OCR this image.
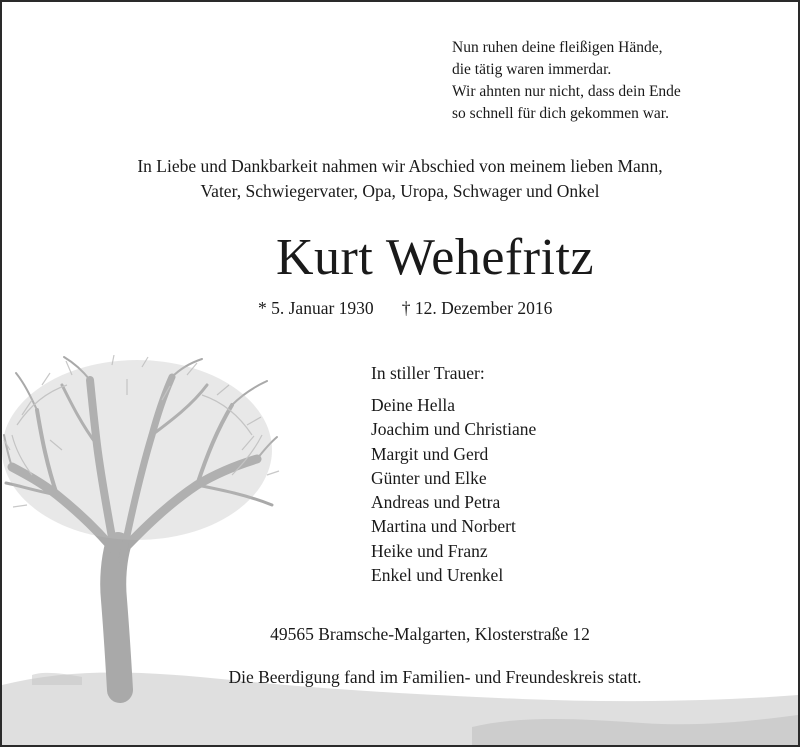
Nun ruhen deine fleißigen Hände,
die tätig waren immerdar.
Wir ahnten nur nicht, dass dein Ende
so schnell für dich gekommen war.
In Liebe und Dankbarkeit nahmen wir Abschied von meinem lieben Mann,
Vater, Schwiegervater, Opa, Uropa, Schwager und Onkel
Kurt Wehefritz
* 5. Januar 1930 † 12. Dezember 2016
In stiller Trauer:
Deine Hella
Joachim und Christiane
Margit und Gerd
Günter und Elke
Andreas und Petra
Martina und Norbert
Heike und Franz
Enkel und Urenkel
49565 Bramsche-Malgarten, Klosterstraße 12
Die Beerdigung fand im Familien- und Freundeskreis statt.
